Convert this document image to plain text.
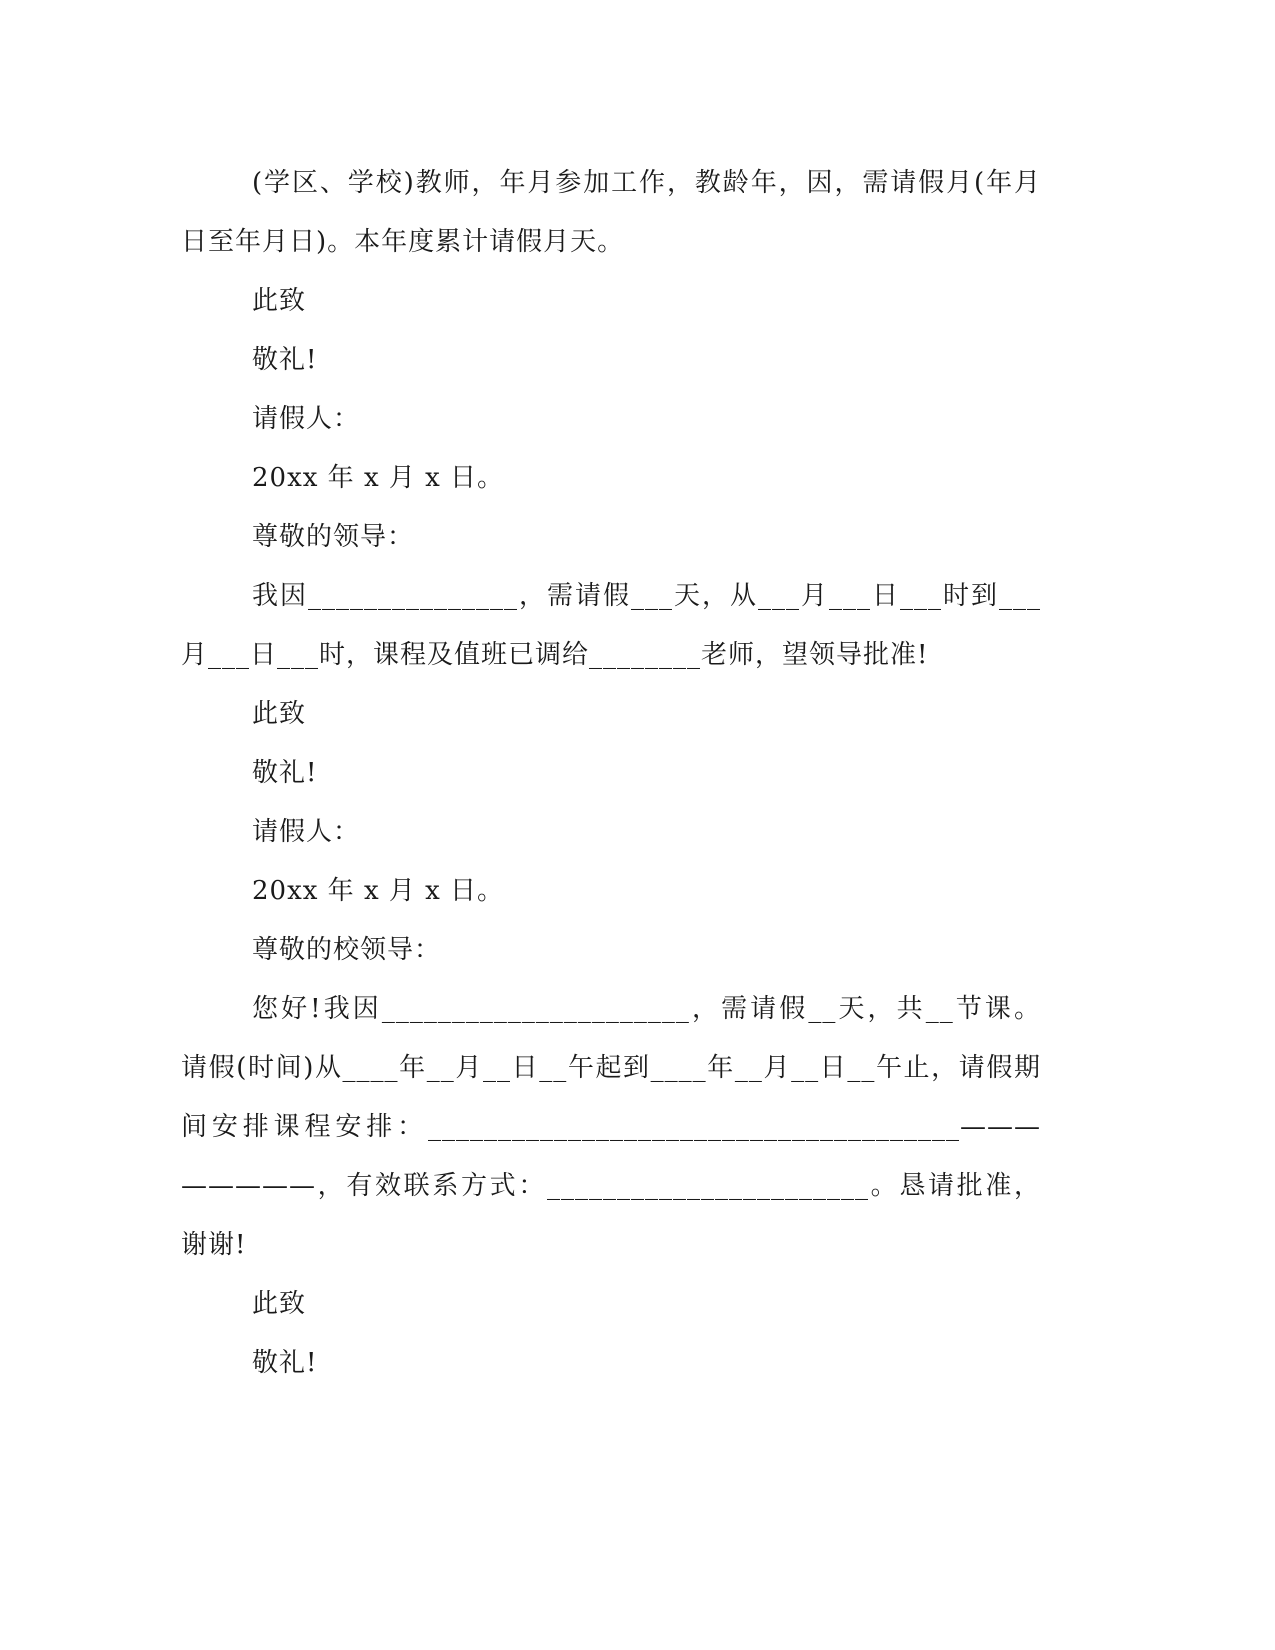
(学区、学校)教师，年月参加工作，教龄年，因，需请假月(年月
日至年月日)。本年度累计请假月天。

此致

敬礼!

请假人：

20xx 年 x 月 x 日。

尊敬的领导：

我因_______________，需请假___天，从___月___日___时到___
月___日___时，课程及值班已调给________老师，望领导批准!

此致

敬礼!

请假人：

20xx 年 x 月 x 日。

尊敬的校领导：

您好!我因______________________，需请假__天，共__节课。
请假(时间)从____年__月__日__午起到____年__月__日__午止，请假期
间安排课程安排：______________________________________———
—————，有效联系方式：_______________________。恳请批准，
谢谢!

此致

敬礼!
